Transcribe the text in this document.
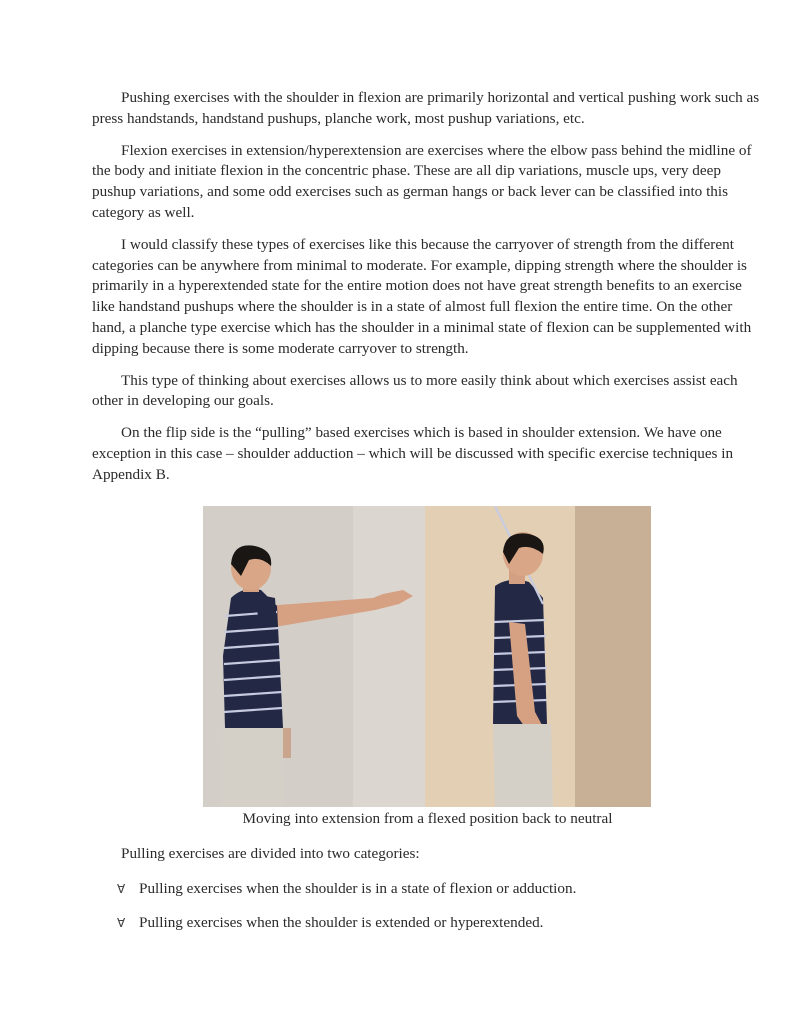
Pushing exercises with the shoulder in flexion are primarily horizontal and vertical pushing work such as press handstands, handstand pushups, planche work, most pushup variations, etc.

Flexion exercises in extension/hyperextension are exercises where the elbow pass behind the midline of the body and initiate flexion in the concentric phase. These are all dip variations, muscle ups, very deep pushup variations, and some odd exercises such as german hangs or back lever can be classified into this category as well.

I would classify these types of exercises like this because the carryover of strength from the different categories can be anywhere from minimal to moderate. For example, dipping strength where the shoulder is primarily in a hyperextended state for the entire motion does not have great strength benefits to an exercise like handstand pushups where the shoulder is in a state of almost full flexion the entire time. On the other hand, a planche type exercise which has the shoulder in a minimal state of flexion can be supplemented with dipping because there is some moderate carryover to strength.

This type of thinking about exercises allows us to more easily think about which exercises assist each other in developing our goals.

On the flip side is the “pulling” based exercises which is based in shoulder extension. We have one exception in this case – shoulder adduction – which will be discussed with specific exercise techniques in Appendix B.

Moving into extension from a flexed position back to neutral
Pulling exercises are divided into two categories:
Ɐ Pulling exercises when the shoulder is in a state of flexion or adduction.
Ɐ Pulling exercises when the shoulder is extended or hyperextended.
